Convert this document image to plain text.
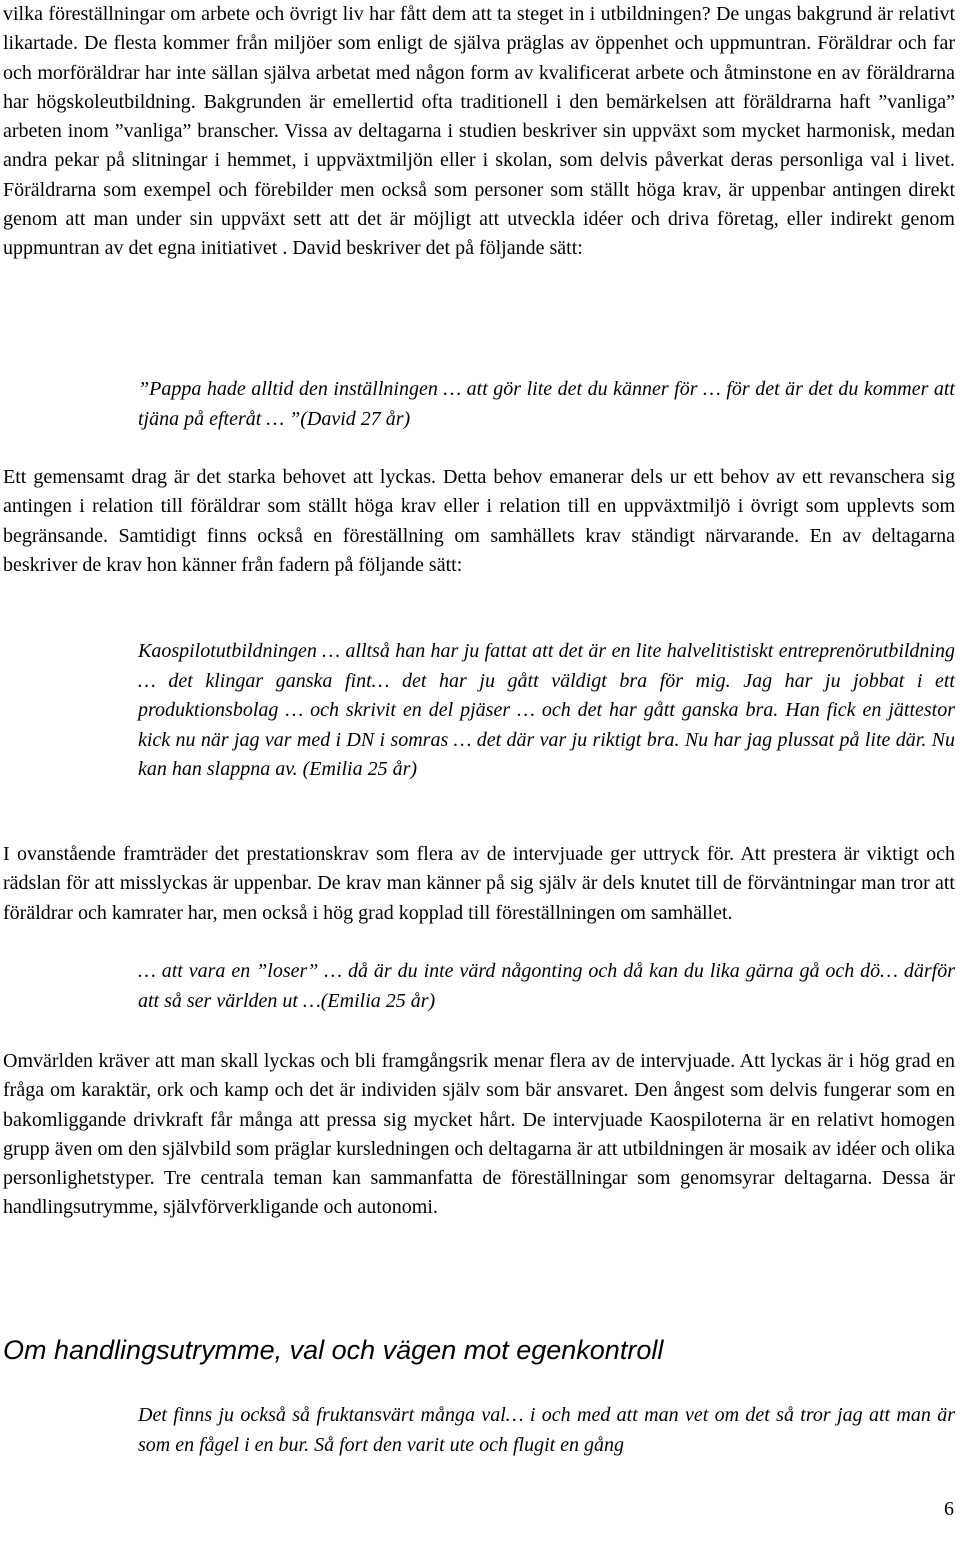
vilka föreställningar om arbete och övrigt liv har fått dem att ta steget in i utbildningen? De ungas bakgrund är relativt likartade. De flesta kommer från miljöer som enligt de själva präglas av öppenhet och uppmuntran. Föräldrar och far och morföräldrar har inte sällan själva arbetat med någon form av kvalificerat arbete och åtminstone en av föräldrarna har högskoleutbildning. Bakgrunden är emellertid ofta traditionell i den bemärkelsen att föräldrarna haft ”vanliga” arbeten inom ”vanliga” branscher. Vissa av deltagarna i studien beskriver sin uppväxt som mycket harmonisk, medan andra pekar på slitningar i hemmet, i uppväxtmiljön eller i skolan, som delvis påverkat deras personliga val i livet. Föräldrarna som exempel och förebilder men också som personer som ställt höga krav, är uppenbar antingen direkt genom att man under sin uppväxt sett att det är möjligt att utveckla idéer och driva företag, eller indirekt genom uppmuntran av det egna initiativet . David beskriver det på följande sätt:

”Pappa hade alltid den inställningen … att gör lite det du känner för … för det är det du kommer att tjäna på efteråt … ”(David 27 år)

Ett gemensamt drag är det starka behovet att lyckas. Detta behov emanerar dels ur ett behov av ett revanschera sig antingen i relation till föräldrar som ställt höga krav eller i relation till en uppväxtmiljö i övrigt som upplevts som begränsande. Samtidigt finns också en föreställning om samhällets krav ständigt närvarande. En av deltagarna beskriver de krav hon känner från fadern på följande sätt:

Kaospilotutbildningen … alltså han har ju fattat att det är en lite halvelitistiskt entreprenörutbildning … det klingar ganska fint… det har ju gått väldigt bra för mig. Jag har ju jobbat i ett produktionsbolag … och skrivit en del pjäser … och det har gått ganska bra. Han fick en jättestor kick nu när jag var med i DN i somras … det där var ju riktigt bra. Nu har jag plussat på lite där. Nu kan han slappna av. (Emilia 25 år)

I ovanstående framträder det prestationskrav som flera av de intervjuade ger uttryck för. Att prestera är viktigt och rädslan för att misslyckas är uppenbar. De krav man känner på sig själv är dels knutet till de förväntningar man tror att föräldrar och kamrater har, men också i hög grad kopplad till föreställningen om samhället.

… att vara en ”loser” … då är du inte värd någonting och då kan du lika gärna gå och dö… därför att så ser världen ut …(Emilia 25 år)

Omvärlden kräver att man skall lyckas och bli framgångsrik menar flera av de intervjuade. Att lyckas är i hög grad en fråga om karaktär, ork och kamp och det är individen själv som bär ansvaret. Den ångest som delvis fungerar som en bakomliggande drivkraft får många att pressa sig mycket hårt. De intervjuade Kaospiloterna är en relativt homogen grupp även om den självbild som präglar kursledningen och deltagarna är att utbildningen är mosaik av idéer och olika personlighetstyper. Tre centrala teman kan sammanfatta de föreställningar som genomsyrar deltagarna. Dessa är handlingsutrymme, självförverkligande och autonomi.

Om handlingsutrymme, val och vägen mot egenkontroll

Det finns ju också så fruktansvärt många val… i och med att man vet om det så tror jag att man är som en fågel i en bur. Så fort den varit ute och flugit en gång

6
